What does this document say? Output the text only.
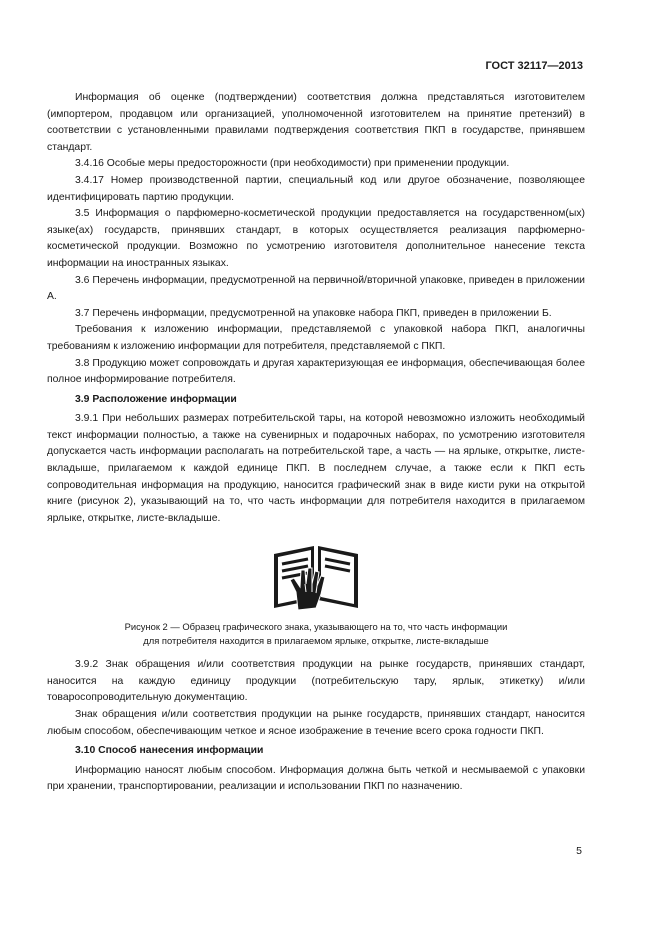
ГОСТ 32117—2013

Информация об оценке (подтверждении) соответствия должна представляться изготовителем (импортером, продавцом или организацией, уполномоченной изготовителем на принятие претензий) в соответствии с установленными правилами подтверждения соответствия ПКП в государстве, принявшем стандарт.

3.4.16 Особые меры предосторожности (при необходимости) при применении продукции.

3.4.17 Номер производственной партии, специальный код или другое обозначение, позволяющее идентифицировать партию продукции.

3.5 Информация о парфюмерно-косметической продукции предоставляется на государственном(ых) языке(ах) государств, принявших стандарт, в которых осуществляется реализация парфюмерно-косметической продукции. Возможно по усмотрению изготовителя дополнительное нанесение текста информации на иностранных языках.

3.6 Перечень информации, предусмотренной на первичной/вторичной упаковке, приведен в приложении А.

3.7 Перечень информации, предусмотренной на упаковке набора ПКП, приведен в приложении Б.

Требования к изложению информации, представляемой с упаковкой набора ПКП, аналогичны требованиям к изложению информации для потребителя, представляемой с ПКП.

3.8 Продукцию может сопровождать и другая характеризующая ее информация, обеспечивающая более полное информирование потребителя.

3.9 Расположение информации

3.9.1 При небольших размерах потребительской тары, на которой невозможно изложить необходимый текст информации полностью, а также на сувенирных и подарочных наборах, по усмотрению изготовителя допускается часть информации располагать на потребительской таре, а часть — на ярлыке, открытке, листе-вкладыше, прилагаемом к каждой единице ПКП. В последнем случае, а также если к ПКП есть сопроводительная информация на продукцию, наносится графический знак в виде кисти руки на открытой книге (рисунок 2), указывающий на то, что часть информации для потребителя находится в прилагаемом ярлыке, открытке, листе-вкладыше.

Рисунок 2 — Образец графического знака, указывающего на то, что часть информации
для потребителя находится в прилагаемом ярлыке, открытке, листе-вкладыше

3.9.2 Знак обращения и/или соответствия продукции на рынке государств, принявших стандарт, наносится на каждую единицу продукции (потребительскую тару, ярлык, этикетку) и/или товаросопроводительную документацию.

Знак обращения и/или соответствия продукции на рынке государств, принявших стандарт, наносится любым способом, обеспечивающим четкое и ясное изображение в течение всего срока годности ПКП.

3.10 Способ нанесения информации

Информацию наносят любым способом. Информация должна быть четкой и несмываемой с упаковки при хранении, транспортировании, реализации и использовании ПКП по назначению.

5
